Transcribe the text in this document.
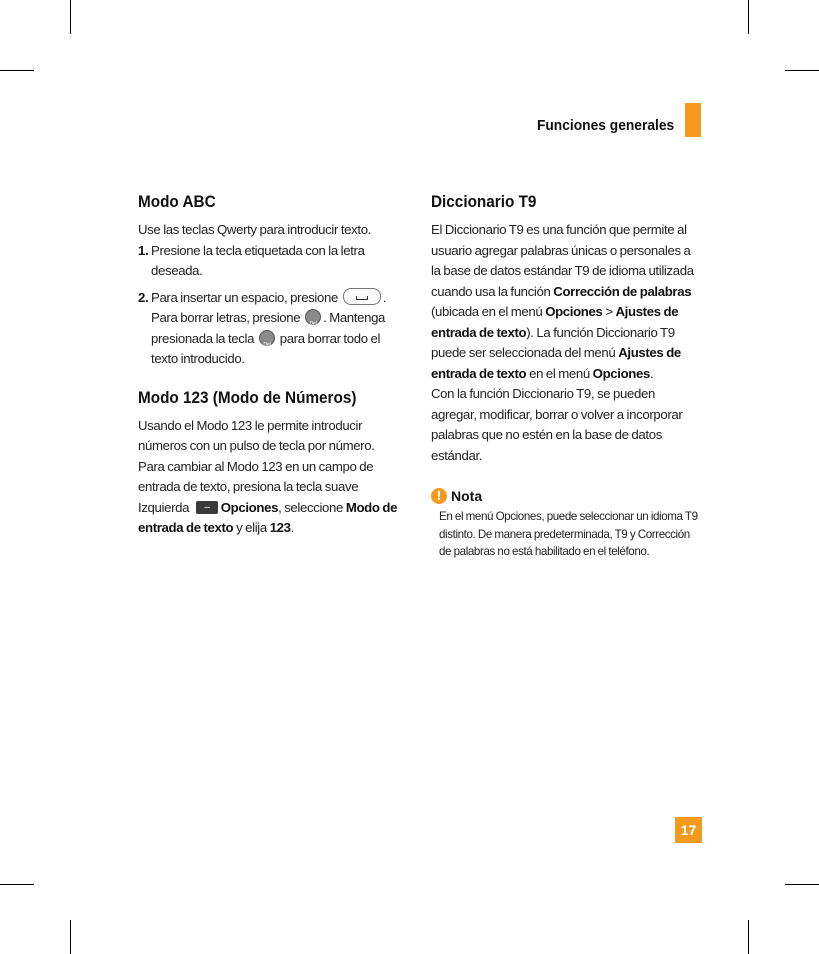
Funciones generales
Modo ABC

Use las teclas Qwerty para introducir texto.

1. Presione la tecla etiquetada con la letra deseada.
2. Para insertar un espacio, presione	. Para borrar letras, presione Del . Mantenga presionada la tecla Del para borrar todo el texto introducido.
Modo 123 (Modo de Números)

Usando el Modo 123 le permite introducir números con un pulso de tecla por número. Para cambiar al Modo 123 en un campo de entrada de texto, presiona la tecla suave Izquierda – Opciones, seleccione Modo de entrada de texto y elija 123.

Diccionario T9

El Diccionario T9 es una función que permite al usuario agregar palabras únicas o personales a la base de datos estándar T9 de idioma utilizada cuando usa la función Corrección de palabras (ubicada en el menú Opciones > Ajustes de entrada de texto). La función Diccionario T9 puede ser seleccionada del menú Ajustes de entrada de texto en el menú Opciones.
Con la función Diccionario T9, se pueden agregar, modificar, borrar o volver a incorporar palabras que no estén en la base de datos estándar.

! Nota

En el menú Opciones, puede seleccionar un idioma T9 distinto. De manera predeterminada, T9 y Corrección de palabras no está habilitado en el teléfono.

17
